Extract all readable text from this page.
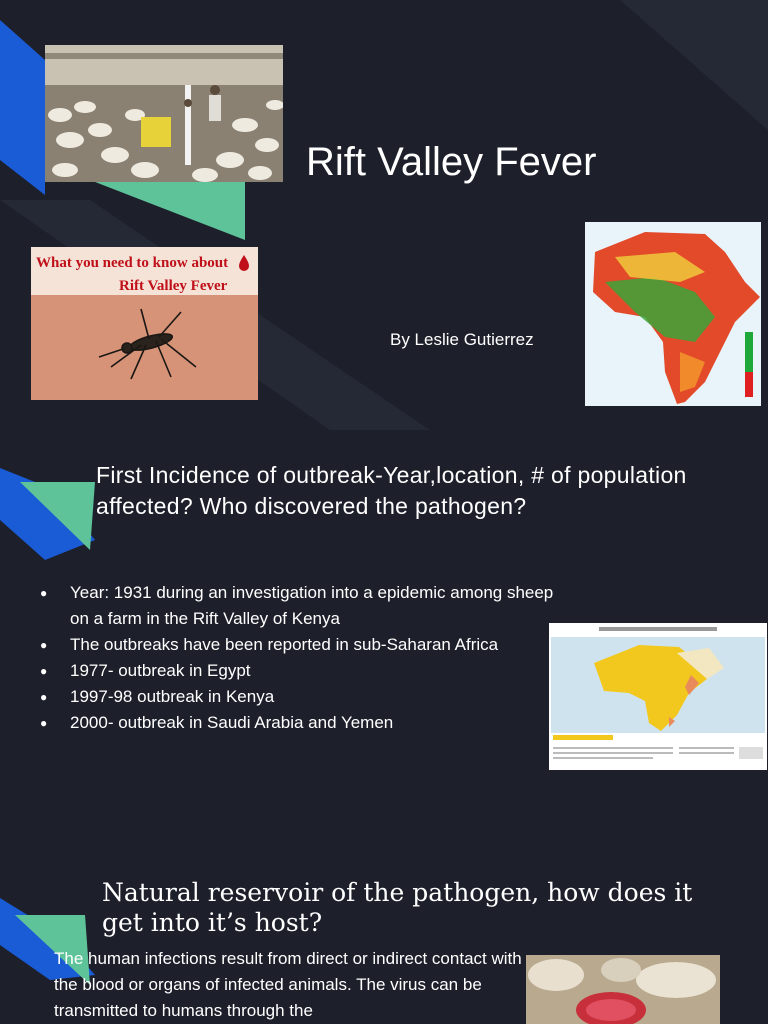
Rift Valley Fever
What you need to know about
Rift Valley Fever
By Leslie Gutierrez
First Incidence of outbreak-Year,location, # of population affected? Who discovered the pathogen?
● Year: 1931 during an investigation into a epidemic among sheep on a farm in the Rift Valley of Kenya
● The outbreaks have been reported in sub-Saharan Africa
● 1977- outbreak in Egypt
● 1997-98 outbreak in Kenya
● 2000- outbreak in Saudi Arabia and Yemen
Natural reservoir of the pathogen, how does it get into it’s host?
The human infections result from direct or indirect contact with the blood or organs of infected animals. The virus can be transmitted to humans through the
